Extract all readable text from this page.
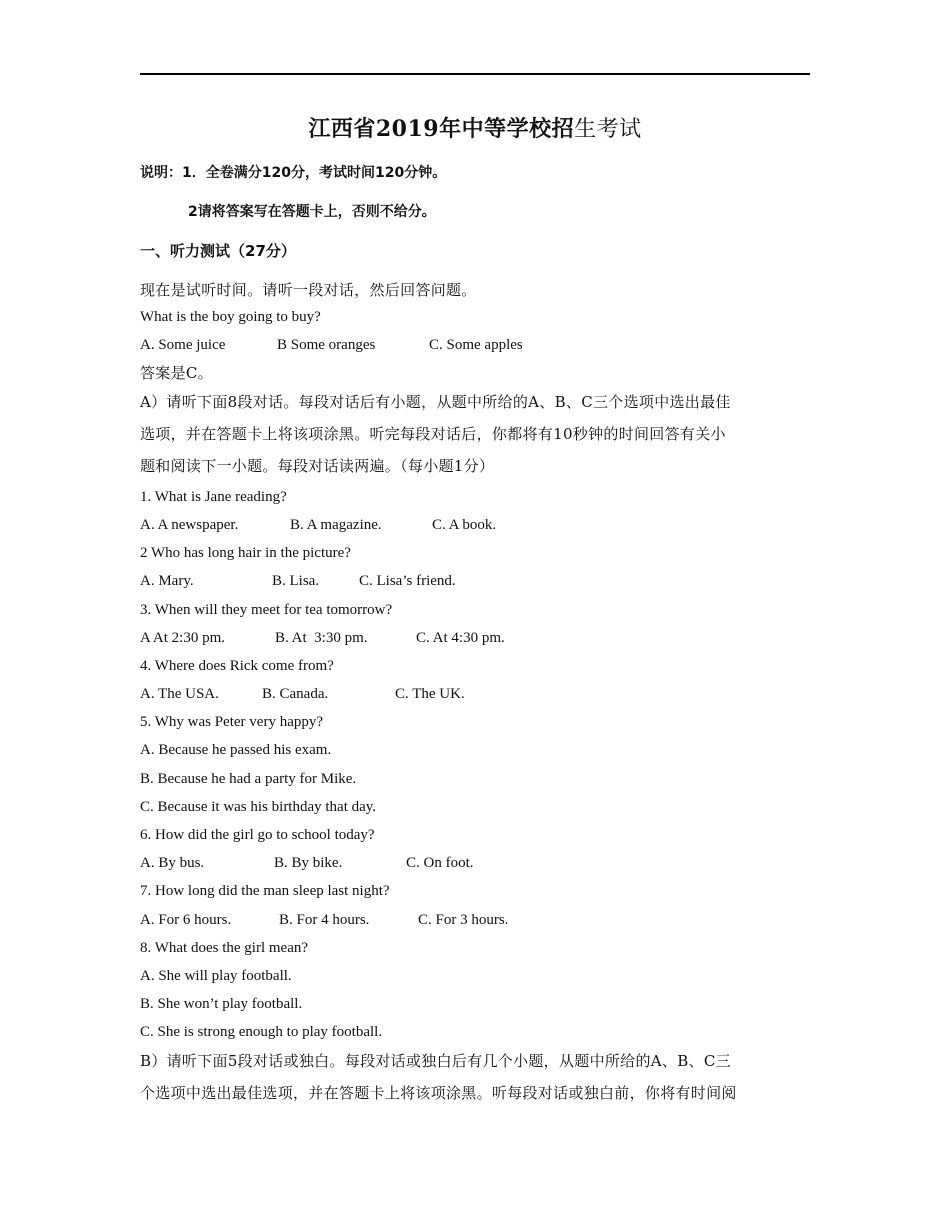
江西省2019年中等学校招生考试
说明：1．全卷满分120分，考试时间120分钟。
2请将答案写在答题卡上，否则不给分。
一、听力测试（27分）
现在是试听时间。请听一段对话，然后回答问题。
What is the boy going to buy?
A. Some juice	B Some oranges	C. Some apples
答案是C。
A）请听下面8段对话。每段对话后有小题，从题中所给的A、B、C三个选项中选出最佳
选项，并在答题卡上将该项涂黑。听完每段对话后，你都将有10秒钟的时间回答有关小
题和阅读下一小题。每段对话读两遍。（每小题1分）
1. What is Jane reading?
A. A newspaper.	B. A magazine.	C. A book.
2 Who has long hair in the picture?
A. Mary.	B. Lisa.	C. Lisa’s friend.
3. When will they meet for tea tomorrow?
A At 2:30 pm.	B. At  3:30 pm.	C. At 4:30 pm.
4. Where does Rick come from?
A. The USA.	B. Canada.	C. The UK.
5. Why was Peter very happy?
A. Because he passed his exam.
B. Because he had a party for Mike.
C. Because it was his birthday that day.
6. How did the girl go to school today?
A. By bus.	B. By bike.	C. On foot.
7. How long did the man sleep last night?
A. For 6 hours.	B. For 4 hours.	C. For 3 hours.
8. What does the girl mean?
A. She will play football.
B. She won’t play football.
C. She is strong enough to play football.
B）请听下面5段对话或独白。每段对话或独白后有几个小题，从题中所给的A、B、C三
个选项中选出最佳选项，并在答题卡上将该项涂黑。听每段对话或独白前，你将有时间阅
